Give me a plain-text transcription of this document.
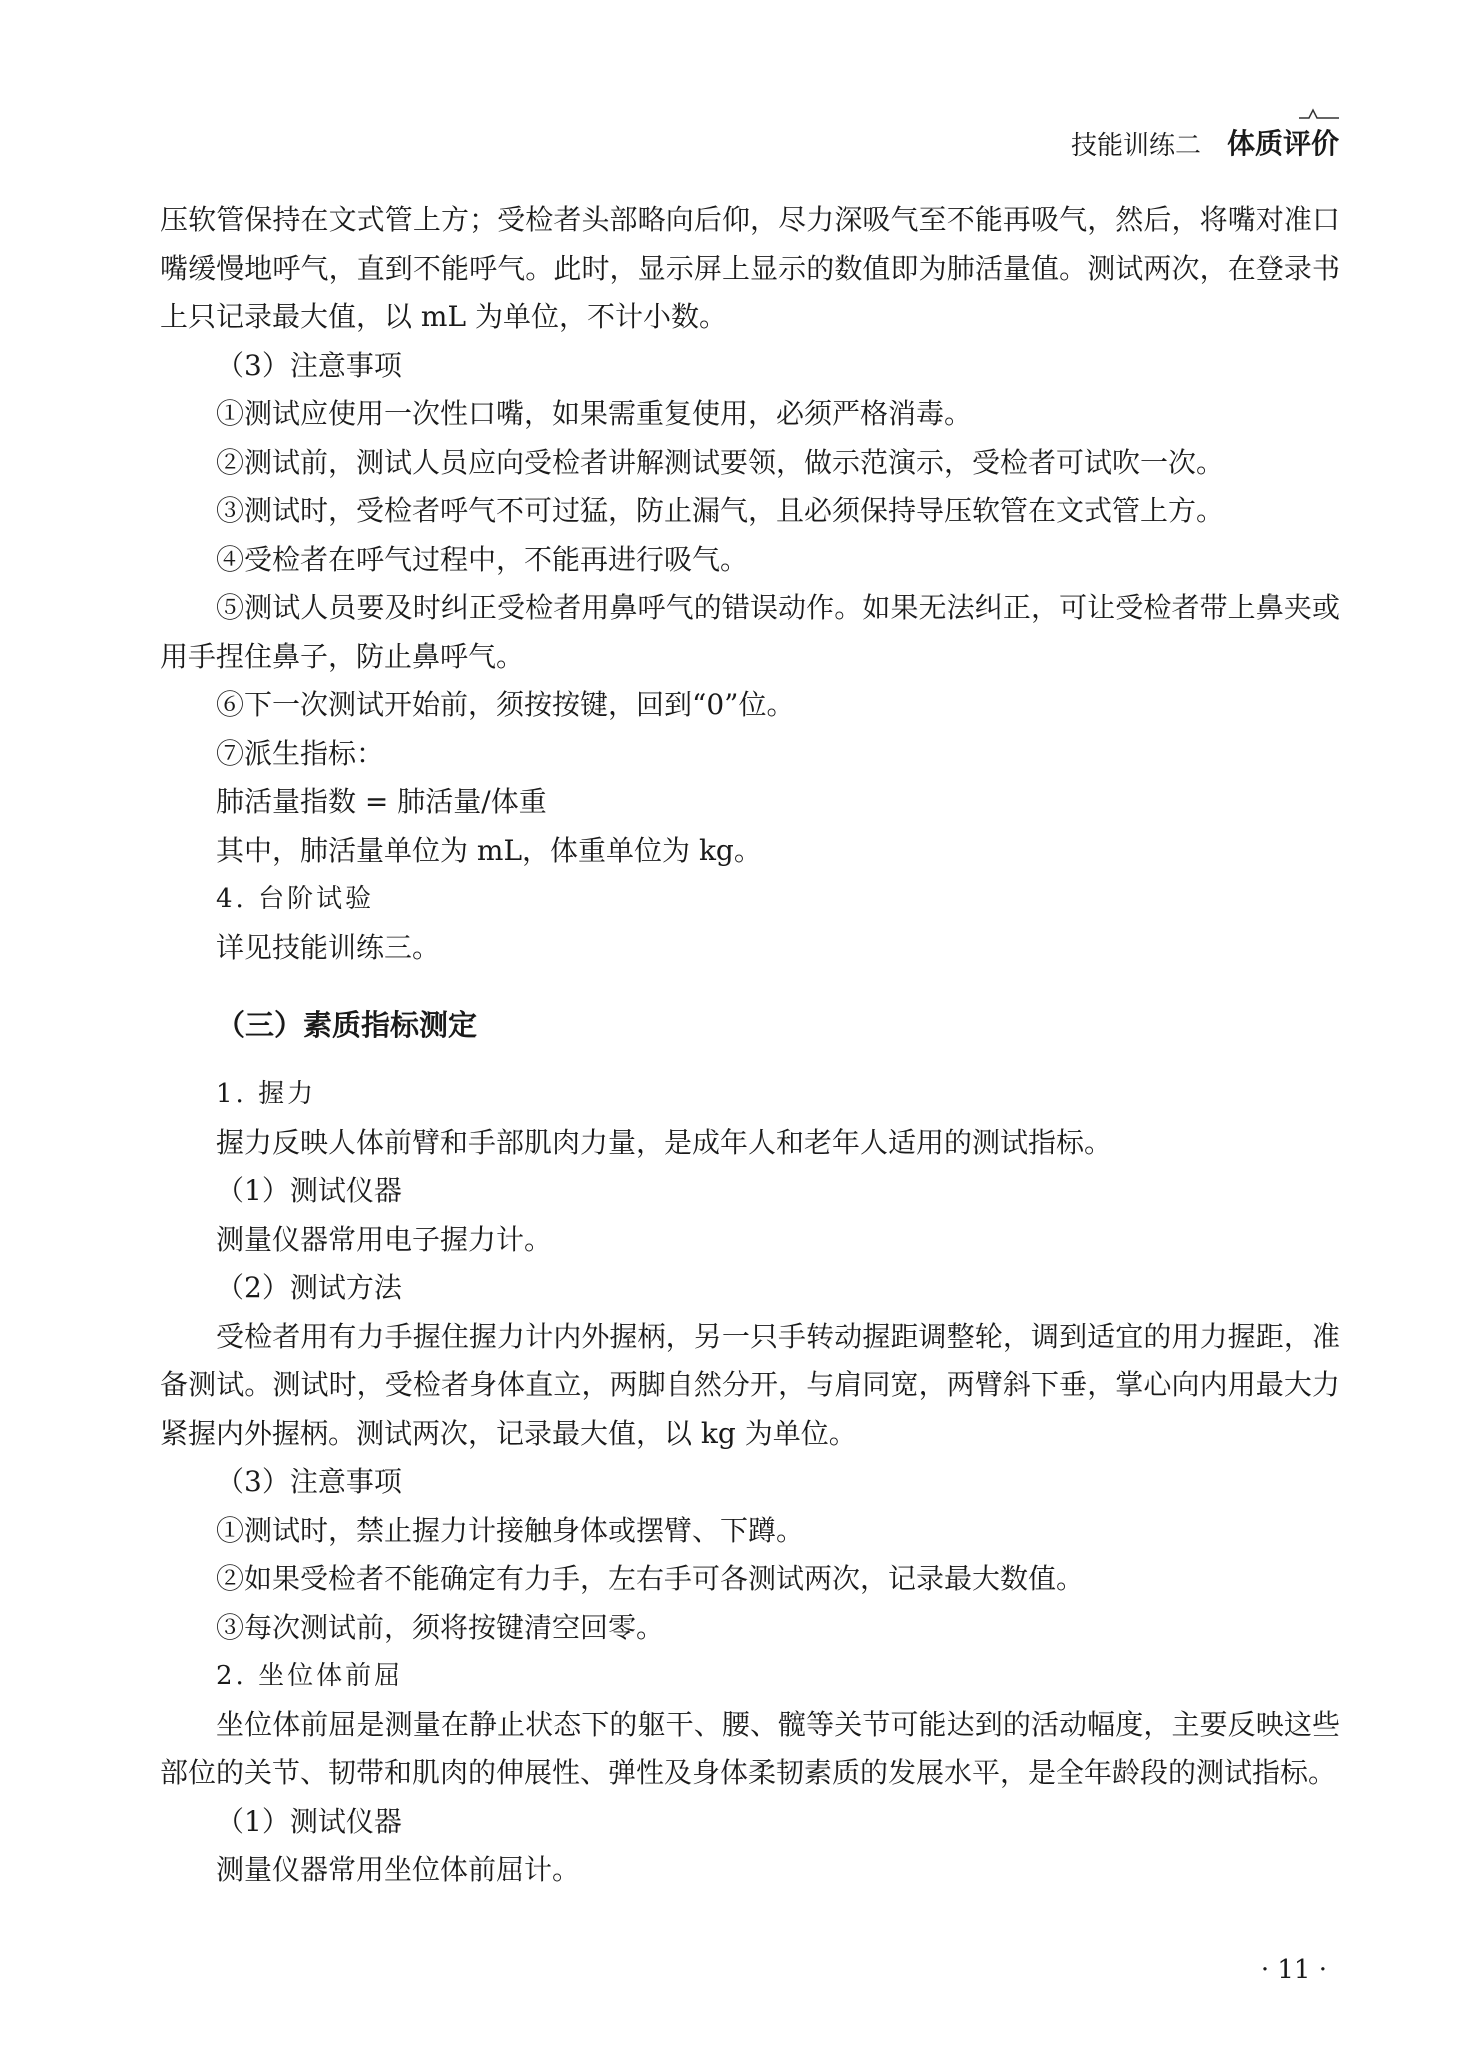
技能训练二 体质评价

压软管保持在文式管上方；受检者头部略向后仰，尽力深吸气至不能再吸气，然后，将嘴对准口嘴缓慢地呼气，直到不能呼气。此时，显示屏上显示的数值即为肺活量值。测试两次，在登录书上只记录最大值，以 mL 为单位，不计小数。

（3）注意事项

①测试应使用一次性口嘴，如果需重复使用，必须严格消毒。

②测试前，测试人员应向受检者讲解测试要领，做示范演示，受检者可试吹一次。

③测试时，受检者呼气不可过猛，防止漏气，且必须保持导压软管在文式管上方。

④受检者在呼气过程中，不能再进行吸气。

⑤测试人员要及时纠正受检者用鼻呼气的错误动作。如果无法纠正，可让受检者带上鼻夹或用手捏住鼻子，防止鼻呼气。

⑥下一次测试开始前，须按按键，回到“0”位。

⑦派生指标：

肺活量指数 = 肺活量/体重

其中，肺活量单位为 mL，体重单位为 kg。

4. 台阶试验

详见技能训练三。

（三）素质指标测定

1. 握力

握力反映人体前臂和手部肌肉力量，是成年人和老年人适用的测试指标。

（1）测试仪器

测量仪器常用电子握力计。

（2）测试方法

受检者用有力手握住握力计内外握柄，另一只手转动握距调整轮，调到适宜的用力握距，准备测试。测试时，受检者身体直立，两脚自然分开，与肩同宽，两臂斜下垂，掌心向内用最大力紧握内外握柄。测试两次，记录最大值，以 kg 为单位。

（3）注意事项

①测试时，禁止握力计接触身体或摆臂、下蹲。

②如果受检者不能确定有力手，左右手可各测试两次，记录最大数值。

③每次测试前，须将按键清空回零。

2. 坐位体前屈

坐位体前屈是测量在静止状态下的躯干、腰、髋等关节可能达到的活动幅度，主要反映这些部位的关节、韧带和肌肉的伸展性、弹性及身体柔韧素质的发展水平，是全年龄段的测试指标。

（1）测试仪器

测量仪器常用坐位体前屈计。

· 11 ·
